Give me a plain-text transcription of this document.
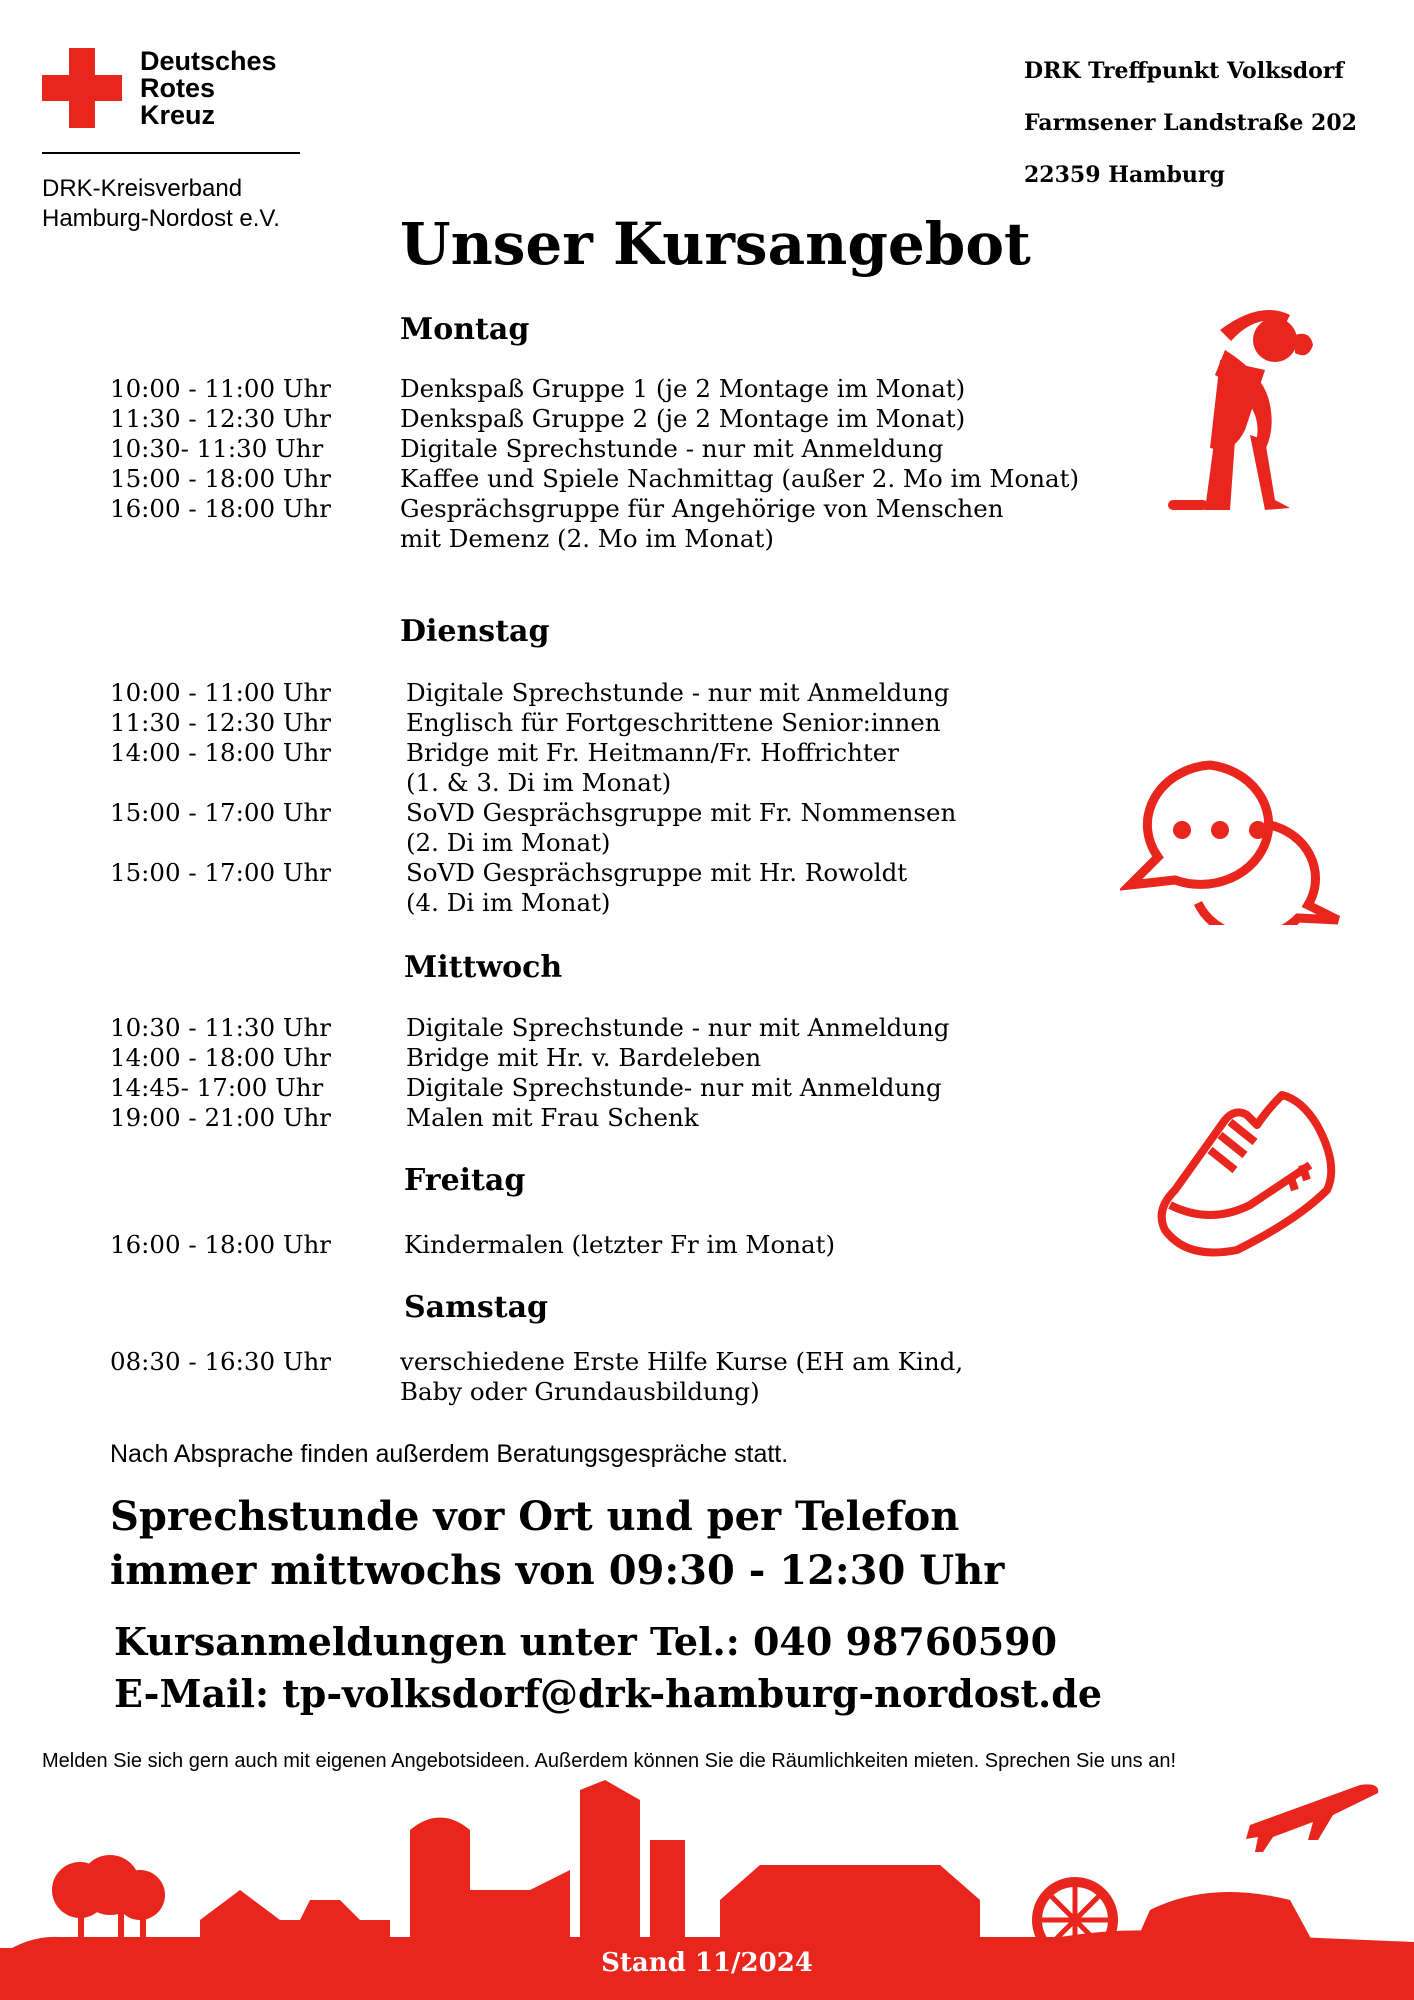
Deutsches
Rotes
Kreuz
DRK-Kreisverband
Hamburg-Nordost e.V.
DRK Treffpunkt Volksdorf
Farmsener Landstraße 202
22359 Hamburg
Unser Kursangebot
Montag
10:00 - 11:00 Uhr	Denkspaß Gruppe 1 (je 2 Montage im Monat)
11:30 - 12:30 Uhr	Denkspaß Gruppe 2 (je 2 Montage im Monat)
10:30- 11:30 Uhr	Digitale Sprechstunde - nur mit Anmeldung
15:00 - 18:00 Uhr	Kaffee und Spiele Nachmittag (außer 2. Mo im Monat)
16:00 - 18:00 Uhr	Gesprächsgruppe für Angehörige von Menschen
mit Demenz (2. Mo im Monat)
Dienstag
10:00 - 11:00 Uhr	Digitale Sprechstunde - nur mit Anmeldung
11:30 - 12:30 Uhr	Englisch für Fortgeschrittene Senior:innen
14:00 - 18:00 Uhr	Bridge mit Fr. Heitmann/Fr. Hoffrichter
(1. & 3. Di im Monat)
15:00 - 17:00 Uhr	SoVD Gesprächsgruppe mit Fr. Nommensen
(2. Di im Monat)
15:00 - 17:00 Uhr	SoVD Gesprächsgruppe mit Hr. Rowoldt
(4. Di im Monat)
Mittwoch
10:30 - 11:30 Uhr	Digitale Sprechstunde - nur mit Anmeldung
14:00 - 18:00 Uhr	Bridge mit Hr. v. Bardeleben
14:45- 17:00 Uhr	Digitale Sprechstunde- nur mit Anmeldung
19:00 - 21:00 Uhr	Malen mit Frau Schenk
Freitag
16:00 - 18:00 Uhr	Kindermalen (letzter Fr im Monat)
Samstag
08:30 - 16:30 Uhr	verschiedene Erste Hilfe Kurse (EH am Kind,
Baby oder Grundausbildung)
Nach Absprache finden außerdem Beratungsgespräche statt.
Sprechstunde vor Ort und per Telefon
immer mittwochs von 09:30 - 12:30 Uhr
Kursanmeldungen unter Tel.: 040 98760590
E-Mail: tp-volksdorf@drk-hamburg-nordost.de
Melden Sie sich gern auch mit eigenen Angebotsideen. Außerdem können Sie die Räumlichkeiten mieten. Sprechen Sie uns an!
Stand 11/2024
